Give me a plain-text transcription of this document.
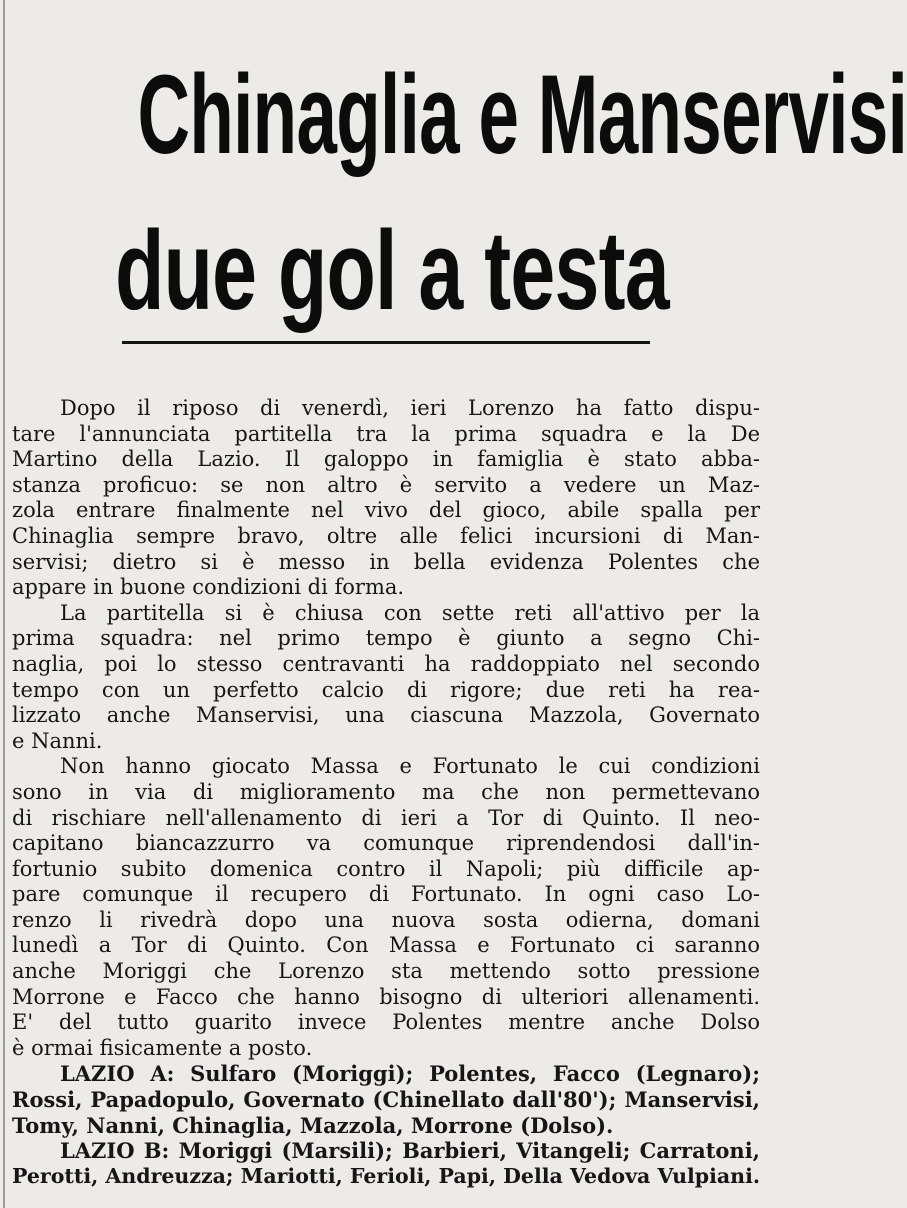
Chinaglia e Manservisi
due gol a testa
Dopo il riposo di venerdì, ieri Lorenzo ha fatto dispu-
tare l'annunciata partitella tra la prima squadra e la De
Martino della Lazio. Il galoppo in famiglia è stato abba-
stanza proficuo: se non altro è servito a vedere un Maz-
zola entrare finalmente nel vivo del gioco, abile spalla per
Chinaglia sempre bravo, oltre alle felici incursioni di Man-
servisi; dietro si è messo in bella evidenza Polentes che
appare in buone condizioni di forma.
La partitella si è chiusa con sette reti all'attivo per la
prima squadra: nel primo tempo è giunto a segno Chi-
naglia, poi lo stesso centravanti ha raddoppiato nel secondo
tempo con un perfetto calcio di rigore; due reti ha rea-
lizzato anche Manservisi, una ciascuna Mazzola, Governato
e Nanni.
Non hanno giocato Massa e Fortunato le cui condizioni
sono in via di miglioramento ma che non permettevano
di rischiare nell'allenamento di ieri a Tor di Quinto. Il neo-
capitano biancazzurro va comunque riprendendosi dall'in-
fortunio subito domenica contro il Napoli; più difficile ap-
pare comunque il recupero di Fortunato. In ogni caso Lo-
renzo li rivedrà dopo una nuova sosta odierna, domani
lunedì a Tor di Quinto. Con Massa e Fortunato ci saranno
anche Moriggi che Lorenzo sta mettendo sotto pressione
Morrone e Facco che hanno bisogno di ulteriori allenamenti.
E' del tutto guarito invece Polentes mentre anche Dolso
è ormai fisicamente a posto.
LAZIO A: Sulfaro (Moriggi); Polentes, Facco (Legnaro);
Rossi, Papadopulo, Governato (Chinellato dall'80'); Manservisi,
Tomy, Nanni, Chinaglia, Mazzola, Morrone (Dolso).
LAZIO B: Moriggi (Marsili); Barbieri, Vitangeli; Carratoni,
Perotti, Andreuzza; Mariotti, Ferioli, Papi, Della Vedova Vulpiani.
